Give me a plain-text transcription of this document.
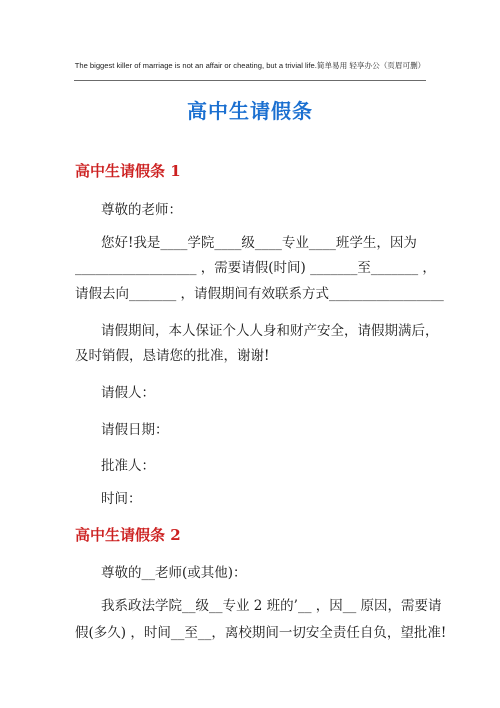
The biggest killer of marriage is not an affair or cheating, but a trivial life.简单易用 轻享办公（页眉可删）
高中生请假条
高中生请假条 1
尊敬的老师：
您好!我是____学院____级____专业____班学生，因为
__________________ ，需要请假(时间) _______至_______ ，
请假去向_______ ，请假期间有效联系方式_________________
请假期间，本人保证个人人身和财产安全，请假期满后，
及时销假，恳请您的批准，谢谢!
请假人：
请假日期：
批准人：
时间：
高中生请假条 2
尊敬的__老师(或其他)：
我系政法学院__级__专业 2 班的’__ ，因__ 原因，需要请
假(多久) ，时间__至__，离校期间一切安全责任自负，望批准!
